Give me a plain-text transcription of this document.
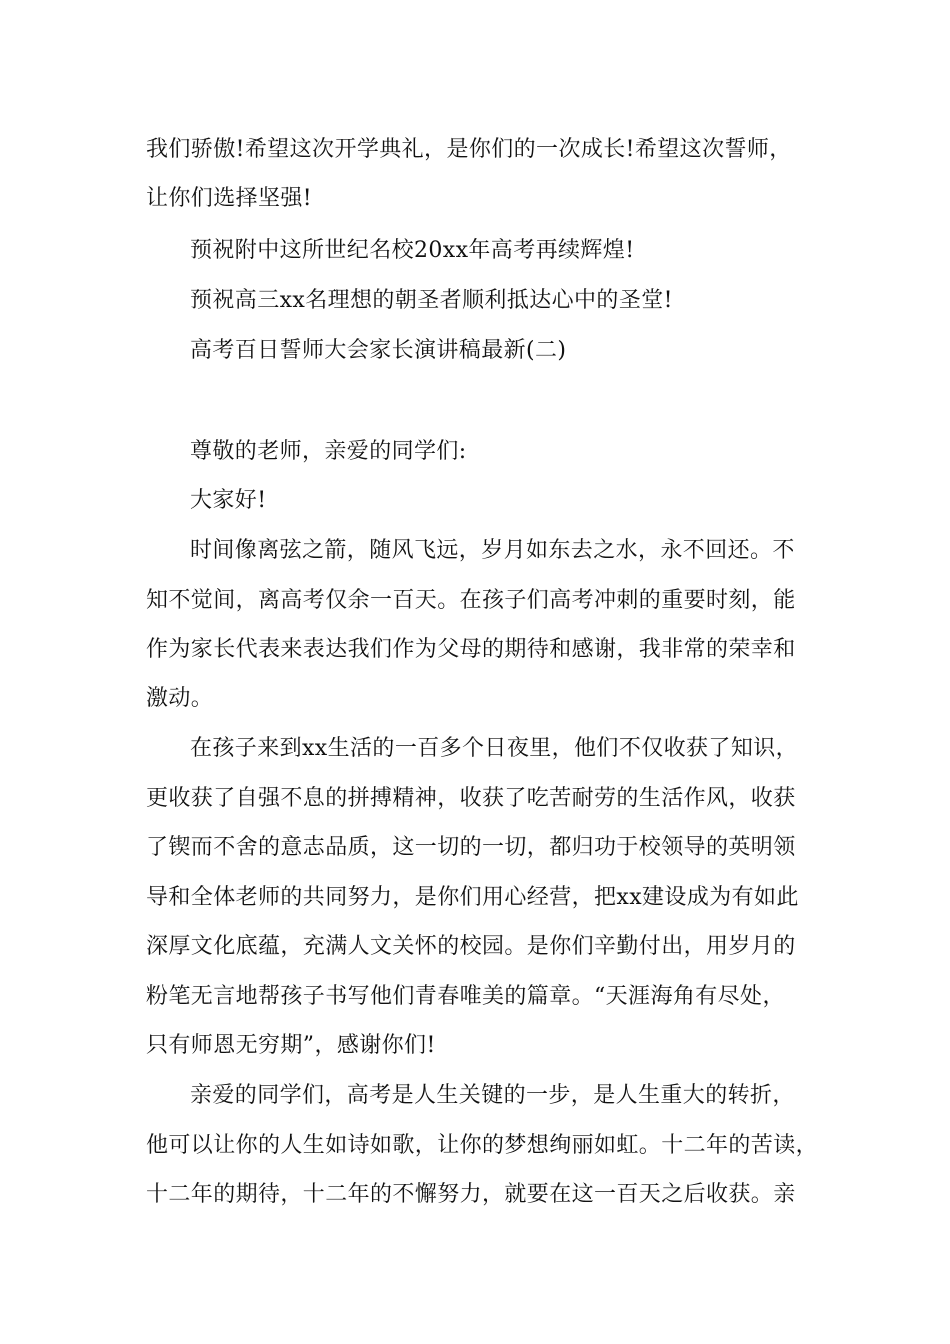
我们骄傲!希望这次开学典礼，是你们的一次成长!希望这次誓师，
让你们选择坚强!
预祝附中这所世纪名校20xx年高考再续辉煌!
预祝高三xx名理想的朝圣者顺利抵达心中的圣堂!
高考百日誓师大会家长演讲稿最新(二)
尊敬的老师，亲爱的同学们:
大家好!
时间像离弦之箭，随风飞远，岁月如东去之水，永不回还。不
知不觉间，离高考仅余一百天。在孩子们高考冲刺的重要时刻，能
作为家长代表来表达我们作为父母的期待和感谢，我非常的荣幸和
激动。
在孩子来到xx生活的一百多个日夜里，他们不仅收获了知识，
更收获了自强不息的拼搏精神，收获了吃苦耐劳的生活作风，收获
了锲而不舍的意志品质，这一切的一切，都归功于校领导的英明领
导和全体老师的共同努力，是你们用心经营，把xx建设成为有如此
深厚文化底蕴，充满人文关怀的校园。是你们辛勤付出，用岁月的
粉笔无言地帮孩子书写他们青春唯美的篇章。“天涯海角有尽处，
只有师恩无穷期”，感谢你们!
亲爱的同学们，高考是人生关键的一步，是人生重大的转折，
他可以让你的人生如诗如歌，让你的梦想绚丽如虹。十二年的苦读，
十二年的期待，十二年的不懈努力，就要在这一百天之后收获。亲
